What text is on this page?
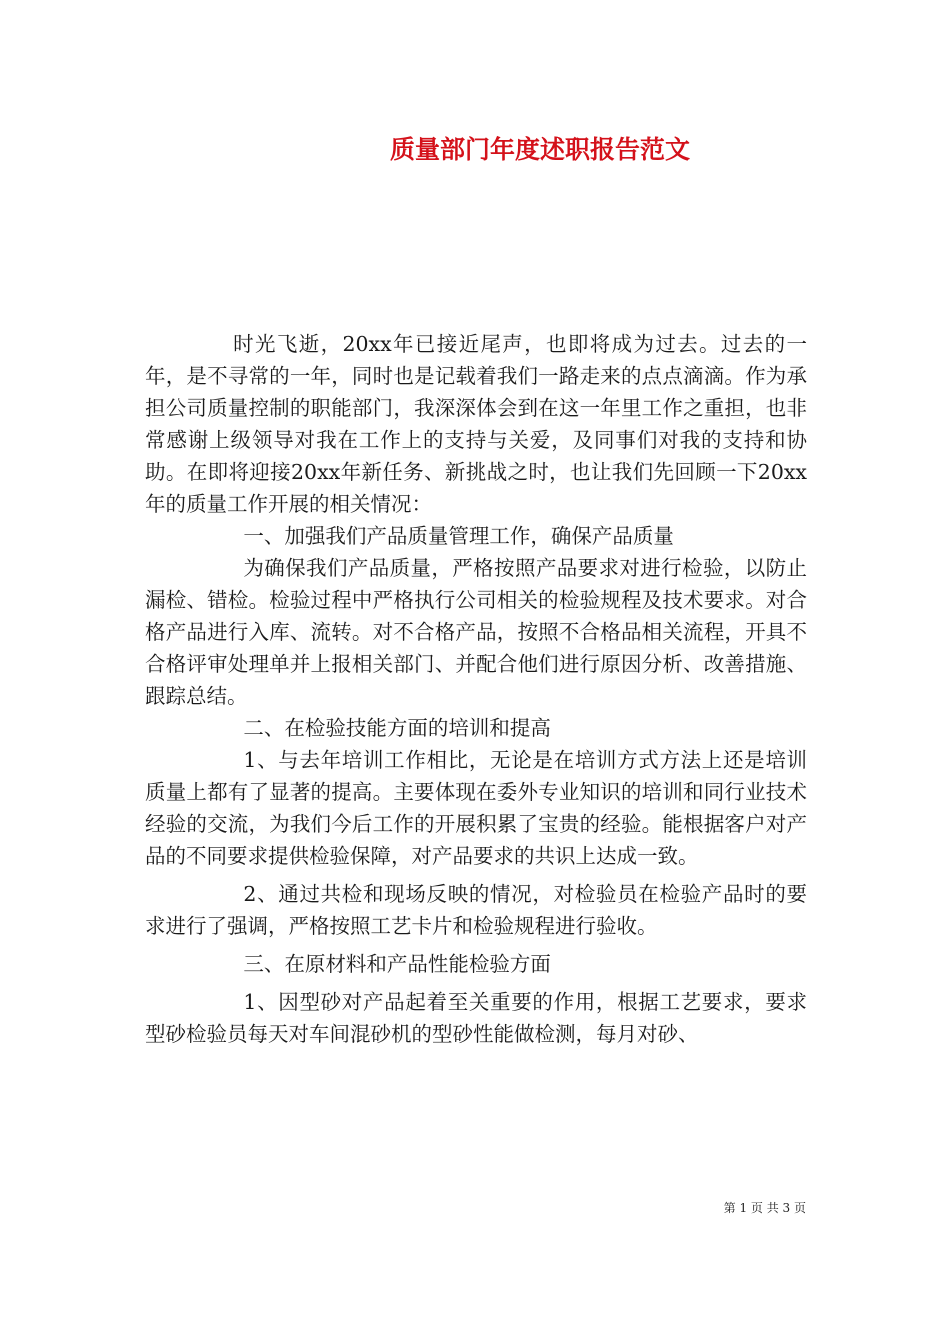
质量部门年度述职报告范文

时光飞逝，20xx年已接近尾声，也即将成为过去。过去的一年，是不寻常的一年，同时也是记载着我们一路走来的点点滴滴。作为承担公司质量控制的职能部门，我深深体会到在这一年里工作之重担，也非常感谢上级领导对我在工作上的支持与关爱，及同事们对我的支持和协助。在即将迎接20xx年新任务、新挑战之时，也让我们先回顾一下20xx年的质量工作开展的相关情况：

一、加强我们产品质量管理工作，确保产品质量

为确保我们产品质量，严格按照产品要求对进行检验，以防止漏检、错检。检验过程中严格执行公司相关的检验规程及技术要求。对合格产品进行入库、流转。对不合格产品，按照不合格品相关流程，开具不合格评审处理单并上报相关部门、并配合他们进行原因分析、改善措施、跟踪总结。

二、在检验技能方面的培训和提高

1、与去年培训工作相比，无论是在培训方式方法上还是培训质量上都有了显著的提高。主要体现在委外专业知识的培训和同行业技术经验的交流，为我们今后工作的开展积累了宝贵的经验。能根据客户对产品的不同要求提供检验保障，对产品要求的共识上达成一致。

2、通过共检和现场反映的情况，对检验员在检验产品时的要求进行了强调，严格按照工艺卡片和检验规程进行验收。

三、在原材料和产品性能检验方面

1、因型砂对产品起着至关重要的作用，根据工艺要求，要求型砂检验员每天对车间混砂机的型砂性能做检测，每月对砂、

第 1 页 共 3 页
